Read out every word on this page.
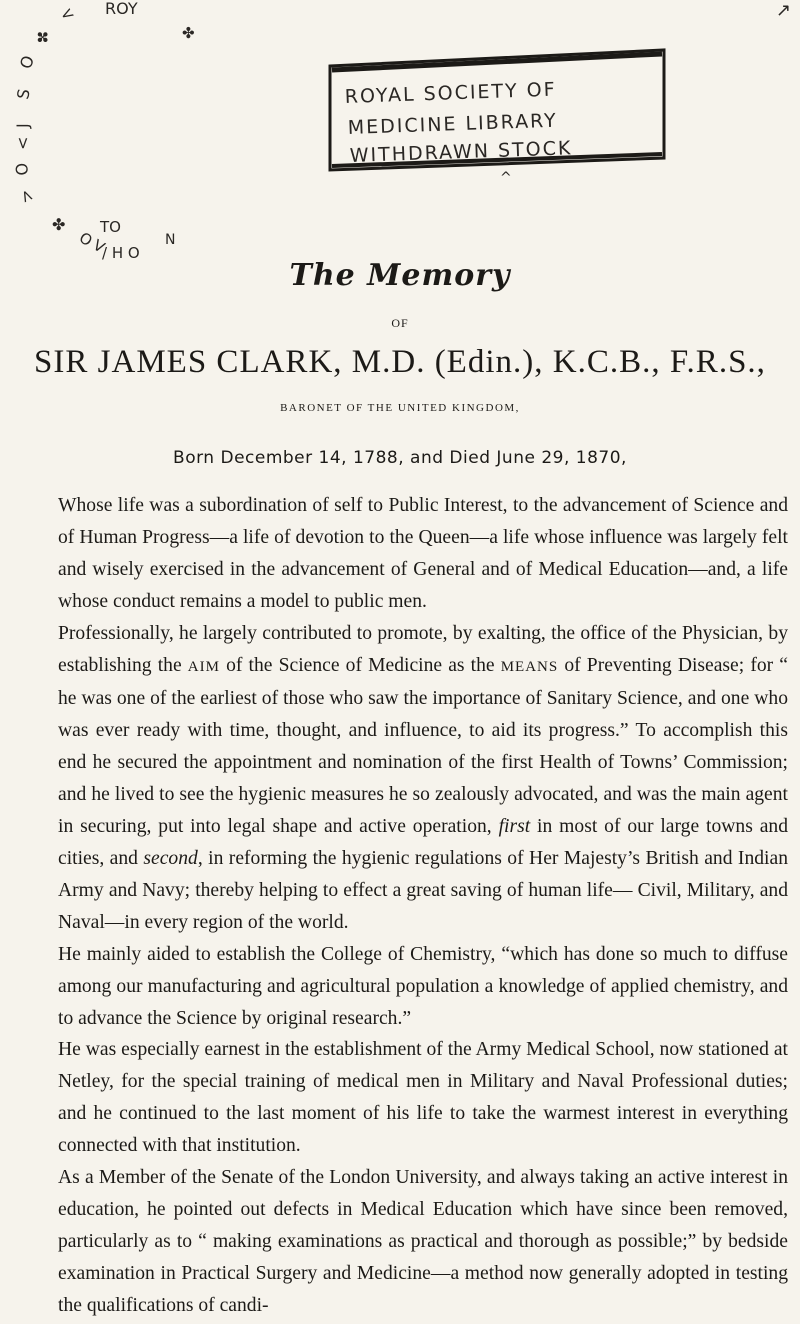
ROYAL SOCIETY OF
MEDICINE LIBRARY
WITHDRAWN STOCK
O
S
J
<
O
>
✤
✤
< ROY
O
V
TO
/ H O
N
↗
^
✤
The Memory
OF
SIR JAMES CLARK, M.D. (Edin.), K.C.B., F.R.S.,
BARONET OF THE UNITED KINGDOM,
Born December 14, 1788, and Died June 29, 1870,

Whose life was a subordination of self to Public Interest, to the advancement of Science and of Human Progress—a life of devotion to the Queen—a life whose influence was largely felt and wisely exercised in the advancement of General and of Medical Education—and, a life whose conduct remains a model to public men.

Professionally, he largely contributed to promote, by exalting, the office of the Physician, by establishing the AIM of the Science of Medicine as the MEANS of Preventing Disease; for “ he was one of the earliest of those who saw the importance of Sanitary Science, and one who was ever ready with time, thought, and influence, to aid its progress.” To accomplish this end he secured the appointment and nomination of the first Health of Towns’ Commission; and he lived to see the hygienic measures he so zealously advocated, and was the main agent in securing, put into legal shape and active operation, first in most of our large towns and cities, and second, in reforming the hygienic regulations of Her Majesty’s British and Indian Army and Navy; thereby helping to effect a great saving of human life— Civil, Military, and Naval—in every region of the world.

He mainly aided to establish the College of Chemistry, “which has done so much to diffuse among our manufacturing and agricultural population a knowledge of applied chemistry, and to advance the Science by original research.”

He was especially earnest in the establishment of the Army Medical School, now stationed at Netley, for the special training of medical men in Military and Naval Professional duties; and he continued to the last moment of his life to take the warmest interest in everything connected with that institution.

As a Member of the Senate of the London University, and always taking an active interest in education, he pointed out defects in Medical Education which have since been removed, particularly as to “ making examinations as practical and thorough as possible;” by bedside examination in Practical Surgery and Medicine—a method now generally adopted in testing the qualifications of candi-
